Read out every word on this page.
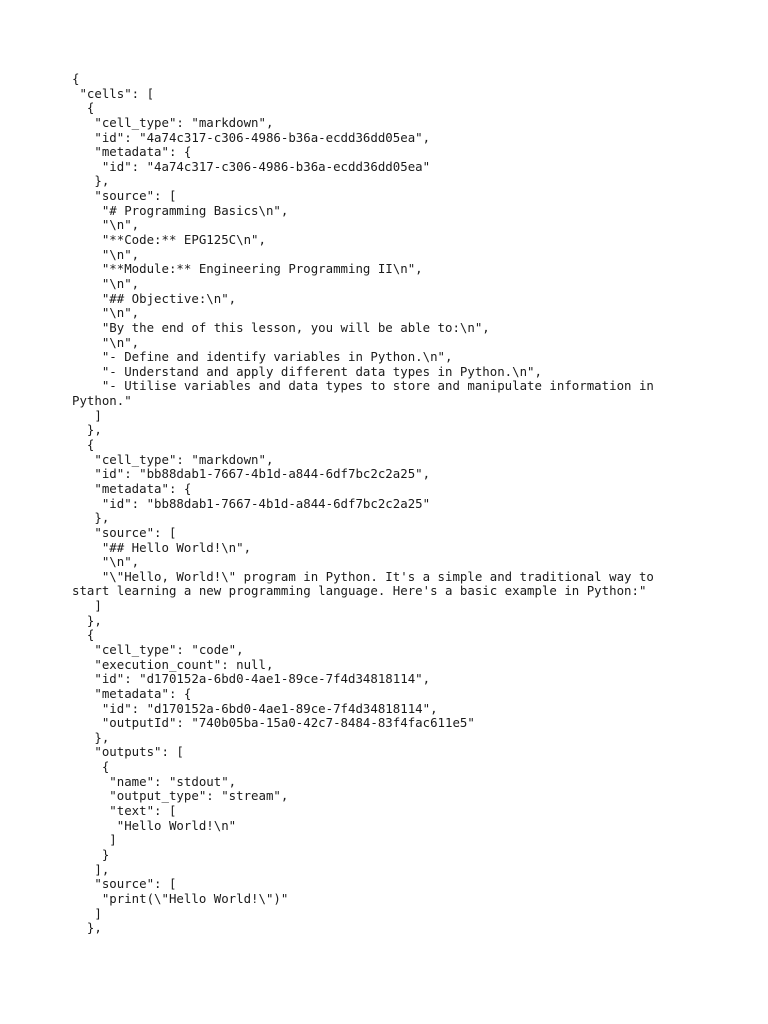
{
"cells": [
{
"cell_type": "markdown",
"id": "4a74c317-c306-4986-b36a-ecdd36dd05ea",
"metadata": {
"id": "4a74c317-c306-4986-b36a-ecdd36dd05ea"
},
"source": [
"# Programming Basics\n",
"\n",
"**Code:** EPG125C\n",
"\n",
"**Module:** Engineering Programming II\n",
"\n",
"## Objective:\n",
"\n",
"By the end of this lesson, you will be able to:\n",
"\n",
"- Define and identify variables in Python.\n",
"- Understand and apply different data types in Python.\n",
"- Utilise variables and data types to store and manipulate information in
Python."
]
},
{
"cell_type": "markdown",
"id": "bb88dab1-7667-4b1d-a844-6df7bc2c2a25",
"metadata": {
"id": "bb88dab1-7667-4b1d-a844-6df7bc2c2a25"
},
"source": [
"## Hello World!\n",
"\n",
"\"Hello, World!\" program in Python. It's a simple and traditional way to
start learning a new programming language. Here's a basic example in Python:"
]
},
{
"cell_type": "code",
"execution_count": null,
"id": "d170152a-6bd0-4ae1-89ce-7f4d34818114",
"metadata": {
"id": "d170152a-6bd0-4ae1-89ce-7f4d34818114",
"outputId": "740b05ba-15a0-42c7-8484-83f4fac611e5"
},
"outputs": [
{
"name": "stdout",
"output_type": "stream",
"text": [
"Hello World!\n"
]
}
],
"source": [
"print(\"Hello World!\")"
]
},
